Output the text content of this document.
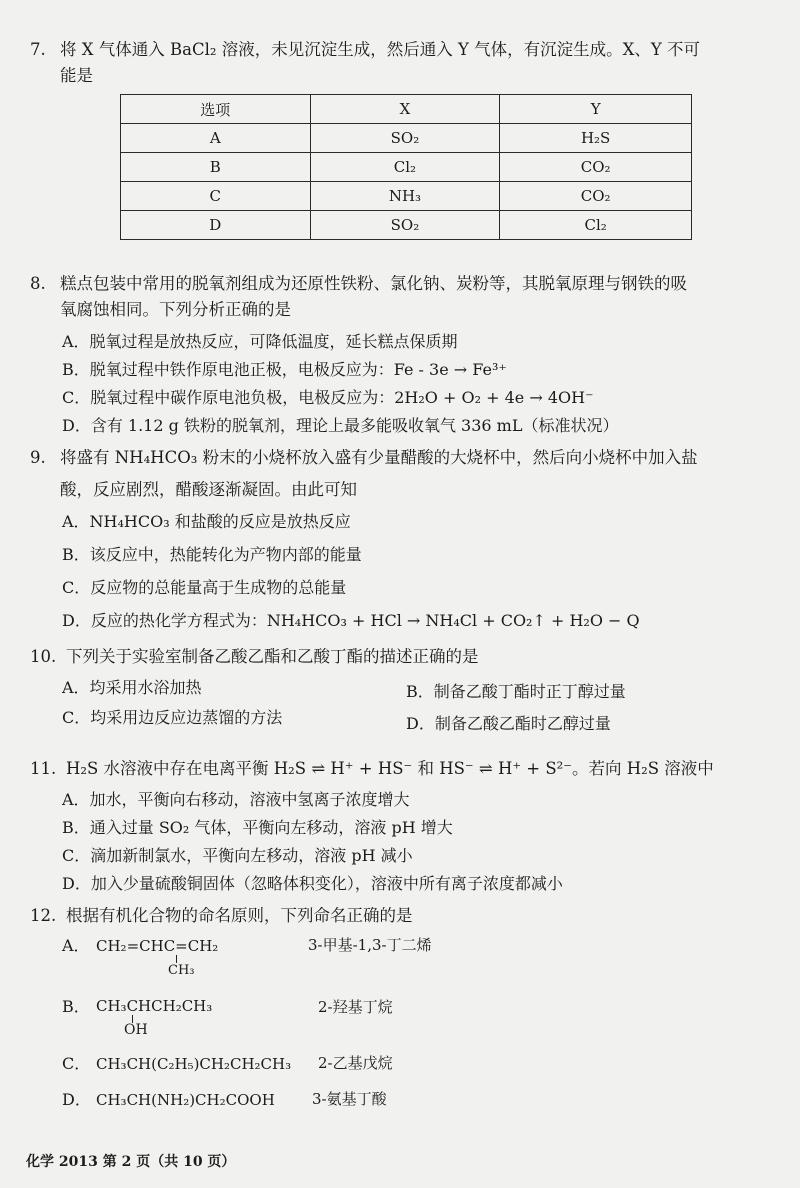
7. 将 X 气体通入 BaCl₂ 溶液，未见沉淀生成，然后通入 Y 气体，有沉淀生成。X、Y 不可
能是
选项	X	Y
A	SO₂	H₂S
B	Cl₂	CO₂
C	NH₃	CO₂
D	SO₂	Cl₂
8. 糕点包装中常用的脱氧剂组成为还原性铁粉、氯化钠、炭粉等，其脱氧原理与钢铁的吸
氧腐蚀相同。下列分析正确的是
A．脱氧过程是放热反应，可降低温度，延长糕点保质期
B．脱氧过程中铁作原电池正极，电极反应为：Fe - 3e → Fe³⁺
C．脱氧过程中碳作原电池负极，电极反应为：2H₂O + O₂ + 4e → 4OH⁻
D．含有 1.12 g 铁粉的脱氧剂，理论上最多能吸收氧气 336 mL（标准状况）
9. 将盛有 NH₄HCO₃ 粉末的小烧杯放入盛有少量醋酸的大烧杯中，然后向小烧杯中加入盐
酸，反应剧烈，醋酸逐渐凝固。由此可知
A．NH₄HCO₃ 和盐酸的反应是放热反应
B．该反应中，热能转化为产物内部的能量
C．反应物的总能量高于生成物的总能量
D．反应的热化学方程式为：NH₄HCO₃ + HCl → NH₄Cl + CO₂↑ + H₂O − Q
10. 下列关于实验室制备乙酸乙酯和乙酸丁酯的描述正确的是
A．均采用水浴加热	B．制备乙酸丁酯时正丁醇过量
C．均采用边反应边蒸馏的方法	D．制备乙酸乙酯时乙醇过量
11. H₂S 水溶液中存在电离平衡 H₂S ⇌ H⁺ + HS⁻ 和 HS⁻ ⇌ H⁺ + S²⁻。若向 H₂S 溶液中
A．加水，平衡向右移动，溶液中氢离子浓度增大
B．通入过量 SO₂ 气体，平衡向左移动，溶液 pH 增大
C．滴加新制氯水，平衡向左移动，溶液 pH 减小
D．加入少量硫酸铜固体（忽略体积变化），溶液中所有离子浓度都减小
12. 根据有机化合物的命名原则，下列命名正确的是
A． CH₂=CHC=CH₂
CH₃
3-甲基-1,3-丁二烯
B． CH₃CHCH₂CH₃
OH
2-羟基丁烷
C． CH₃CH(C₂H₅)CH₂CH₂CH₃ 2-乙基戊烷
D． CH₃CH(NH₂)CH₂COOH 3-氨基丁酸
化学 2013 第 2 页（共 10 页）
